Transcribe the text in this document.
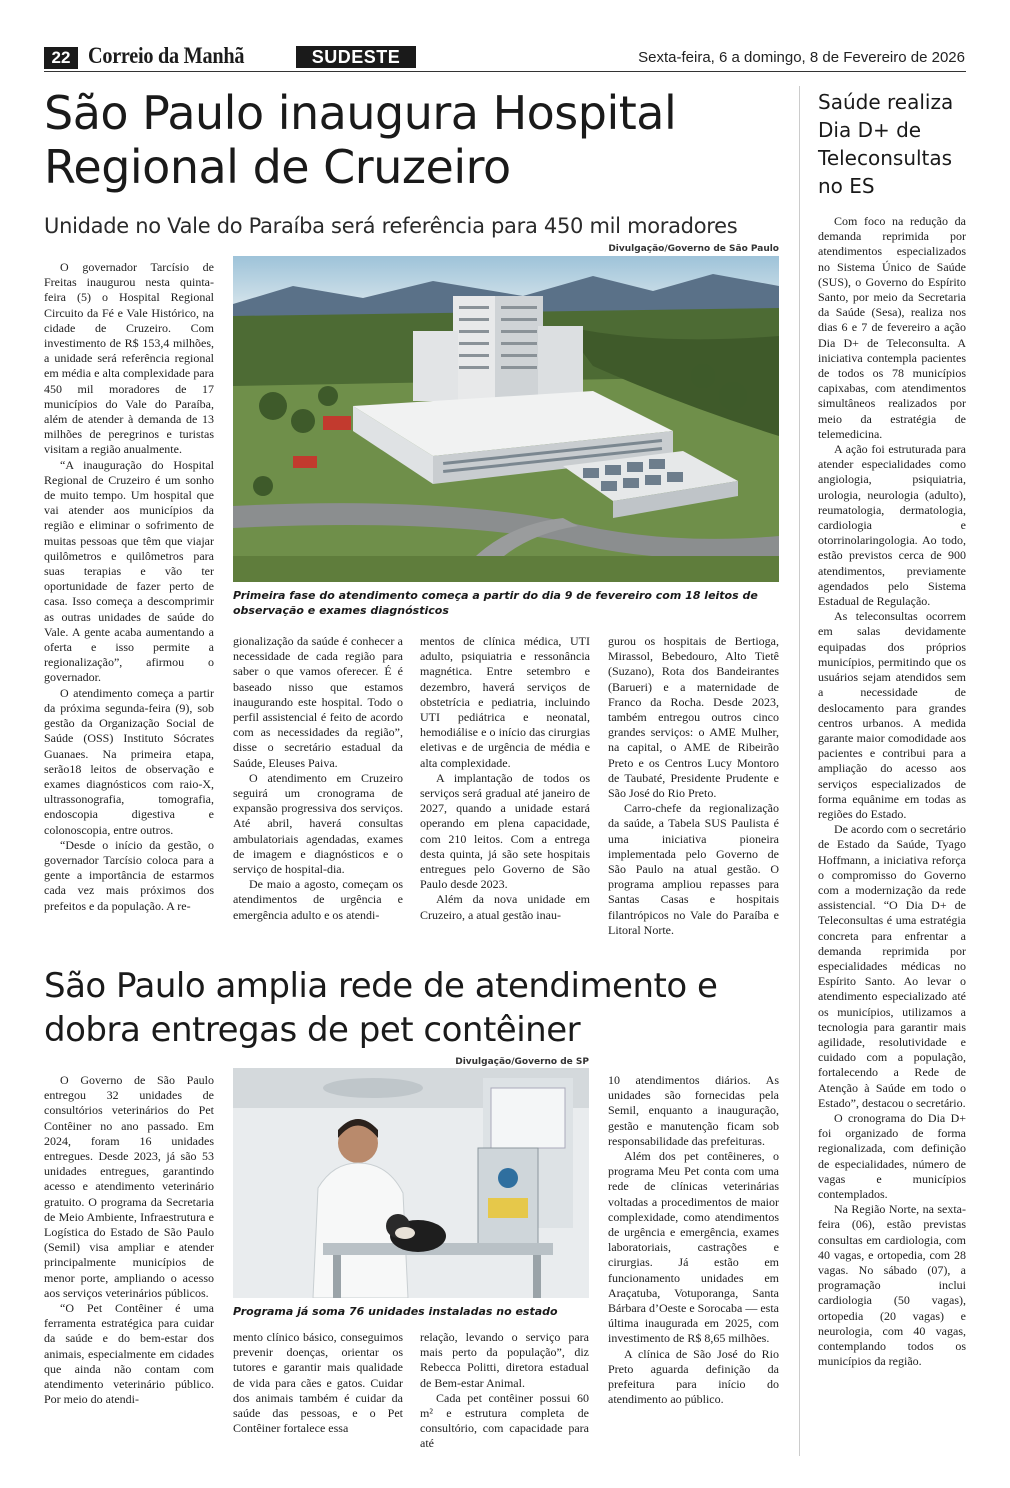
22 Correio da Manhã	SUDESTE	Sexta-feira, 6 a domingo, 8 de Fevereiro de 2026
São Paulo inaugura Hospital Regional de Cruzeiro
Unidade no Vale do Paraíba será referência para 450 mil moradores
Divulgação/Governo de São Paulo
Primeira fase do atendimento começa a partir do dia 9 de fevereiro com 18 leitos de observação e exames diagnósticos

O governador Tarcísio de Freitas inaugurou nesta quinta-feira (5) o Hospital Regional Circuito da Fé e Vale Histórico, na cidade de Cruzeiro. Com investimento de R$ 153,4 milhões, a unidade será referência regional em média e alta complexidade para 450 mil moradores de 17 municípios do Vale do Paraíba, além de atender à demanda de 13 milhões de peregrinos e turistas visitam a região anualmente.

“A inauguração do Hospital Regional de Cruzeiro é um sonho de muito tempo. Um hospital que vai atender aos municípios da região e eliminar o sofrimento de muitas pessoas que têm que viajar quilômetros e quilômetros para suas terapias e vão ter oportunidade de fazer perto de casa. Isso começa a descomprimir as outras unidades de saúde do Vale. A gente acaba aumentando a oferta e isso permite a regionalização”, afirmou o governador.

O atendimento começa a partir da próxima segunda-feira (9), sob gestão da Organização Social de Saúde (OSS) Instituto Sócrates Guanaes. Na primeira etapa, serão18 leitos de observação e exames diagnósticos com raio-X, ultrassonografia, tomografia, endoscopia digestiva e colonoscopia, entre outros.

“Desde o início da gestão, o governador Tarcísio coloca para a gente a importância de estarmos cada vez mais próximos dos prefeitos e da população. A re-

gionalização da saúde é conhecer a necessidade de cada região para saber o que vamos oferecer. É é baseado nisso que estamos inaugurando este hospital. Todo o perfil assistencial é feito de acordo com as necessidades da região”, disse o secretário estadual da Saúde, Eleuses Paiva.

O atendimento em Cruzeiro seguirá um cronograma de expansão progressiva dos serviços. Até abril, haverá consultas ambulatoriais agendadas, exames de imagem e diagnósticos e o serviço de hospital-dia.

De maio a agosto, começam os atendimentos de urgência e emergência adulto e os atendi-

mentos de clínica médica, UTI adulto, psiquiatria e ressonância magnética. Entre setembro e dezembro, haverá serviços de obstetrícia e pediatria, incluindo UTI pediátrica e neonatal, hemodiálise e o início das cirurgias eletivas e de urgência de média e alta complexidade.

A implantação de todos os serviços será gradual até janeiro de 2027, quando a unidade estará operando em plena capacidade, com 210 leitos. Com a entrega desta quinta, já são sete hospitais entregues pelo Governo de São Paulo desde 2023.

Além da nova unidade em Cruzeiro, a atual gestão inau-

gurou os hospitais de Bertioga, Mirassol, Bebedouro, Alto Tietê (Suzano), Rota dos Bandeirantes (Barueri) e a maternidade de Franco da Rocha. Desde 2023, também entregou outros cinco grandes serviços: o AME Mulher, na capital, o AME de Ribeirão Preto e os Centros Lucy Montoro de Taubaté, Presidente Prudente e São José do Rio Preto.

Carro-chefe da regionalização da saúde, a Tabela SUS Paulista é uma iniciativa pioneira implementada pelo Governo de São Paulo na atual gestão. O programa ampliou repasses para Santas Casas e hospitais filantrópicos no Vale do Paraíba e Litoral Norte.

Saúde realiza Dia D+ de Teleconsultas no ES

Com foco na redução da demanda reprimida por atendimentos especializados no Sistema Único de Saúde (SUS), o Governo do Espírito Santo, por meio da Secretaria da Saúde (Sesa), realiza nos dias 6 e 7 de fevereiro a ação Dia D+ de Teleconsulta. A iniciativa contempla pacientes de todos os 78 municípios capixabas, com atendimentos simultâneos realizados por meio da estratégia de telemedicina.

A ação foi estruturada para atender especialidades como angiologia, psiquiatria, urologia, neurologia (adulto), reumatologia, dermatologia, cardiologia e otorrinolaringologia. Ao todo, estão previstos cerca de 900 atendimentos, previamente agendados pelo Sistema Estadual de Regulação.

As teleconsultas ocorrem em salas devidamente equipadas dos próprios municípios, permitindo que os usuários sejam atendidos sem a necessidade de deslocamento para grandes centros urbanos. A medida garante maior comodidade aos pacientes e contribui para a ampliação do acesso aos serviços especializados de forma equânime em todas as regiões do Estado.

De acordo com o secretário de Estado da Saúde, Tyago Hoffmann, a iniciativa reforça o compromisso do Governo com a modernização da rede assistencial. “O Dia D+ de Teleconsultas é uma estratégia concreta para enfrentar a demanda reprimida por especialidades médicas no Espírito Santo. Ao levar o atendimento especializado até os municípios, utilizamos a tecnologia para garantir mais agilidade, resolutividade e cuidado com a população, fortalecendo a Rede de Atenção à Saúde em todo o Estado”, destacou o secretário.

O cronograma do Dia D+ foi organizado de forma regionalizada, com definição de especialidades, número de vagas e municípios contemplados.

Na Região Norte, na sexta-feira (06), estão previstas consultas em cardiologia, com 40 vagas, e ortopedia, com 28 vagas. No sábado (07), a programação inclui cardiologia (50 vagas), ortopedia (20 vagas) e neurologia, com 40 vagas, contemplando todos os municípios da região.

São Paulo amplia rede de atendimento e dobra entregas de pet contêiner
Divulgação/Governo de SP
Programa já soma 76 unidades instaladas no estado

O Governo de São Paulo entregou 32 unidades de consultórios veterinários do Pet Contêiner no ano passado. Em 2024, foram 16 unidades entregues. Desde 2023, já são 53 unidades entregues, garantindo acesso e atendimento veterinário gratuito. O programa da Secretaria de Meio Ambiente, Infraestrutura e Logística do Estado de São Paulo (Semil) visa ampliar e atender principalmente municípios de menor porte, ampliando o acesso aos serviços veterinários públicos.

“O Pet Contêiner é uma ferramenta estratégica para cuidar da saúde e do bem-estar dos animais, especialmente em cidades que ainda não contam com atendimento veterinário público. Por meio do atendi-

mento clínico básico, conseguimos prevenir doenças, orientar os tutores e garantir mais qualidade de vida para cães e gatos. Cuidar dos animais também é cuidar da saúde das pessoas, e o Pet Contêiner fortalece essa

relação, levando o serviço para mais perto da população”, diz Rebecca Politti, diretora estadual de Bem-estar Animal.

Cada pet contêiner possui 60 m² e estrutura completa de consultório, com capacidade para até

10 atendimentos diários. As unidades são fornecidas pela Semil, enquanto a inauguração, gestão e manutenção ficam sob responsabilidade das prefeituras.

Além dos pet contêineres, o programa Meu Pet conta com uma rede de clínicas veterinárias voltadas a procedimentos de maior complexidade, como atendimentos de urgência e emergência, exames laboratoriais, castrações e cirurgias. Já estão em funcionamento unidades em Araçatuba, Votuporanga, Santa Bárbara d’Oeste e Sorocaba — esta última inaugurada em 2025, com investimento de R$ 8,65 milhões.

A clínica de São José do Rio Preto aguarda definição da prefeitura para início do atendimento ao público.
